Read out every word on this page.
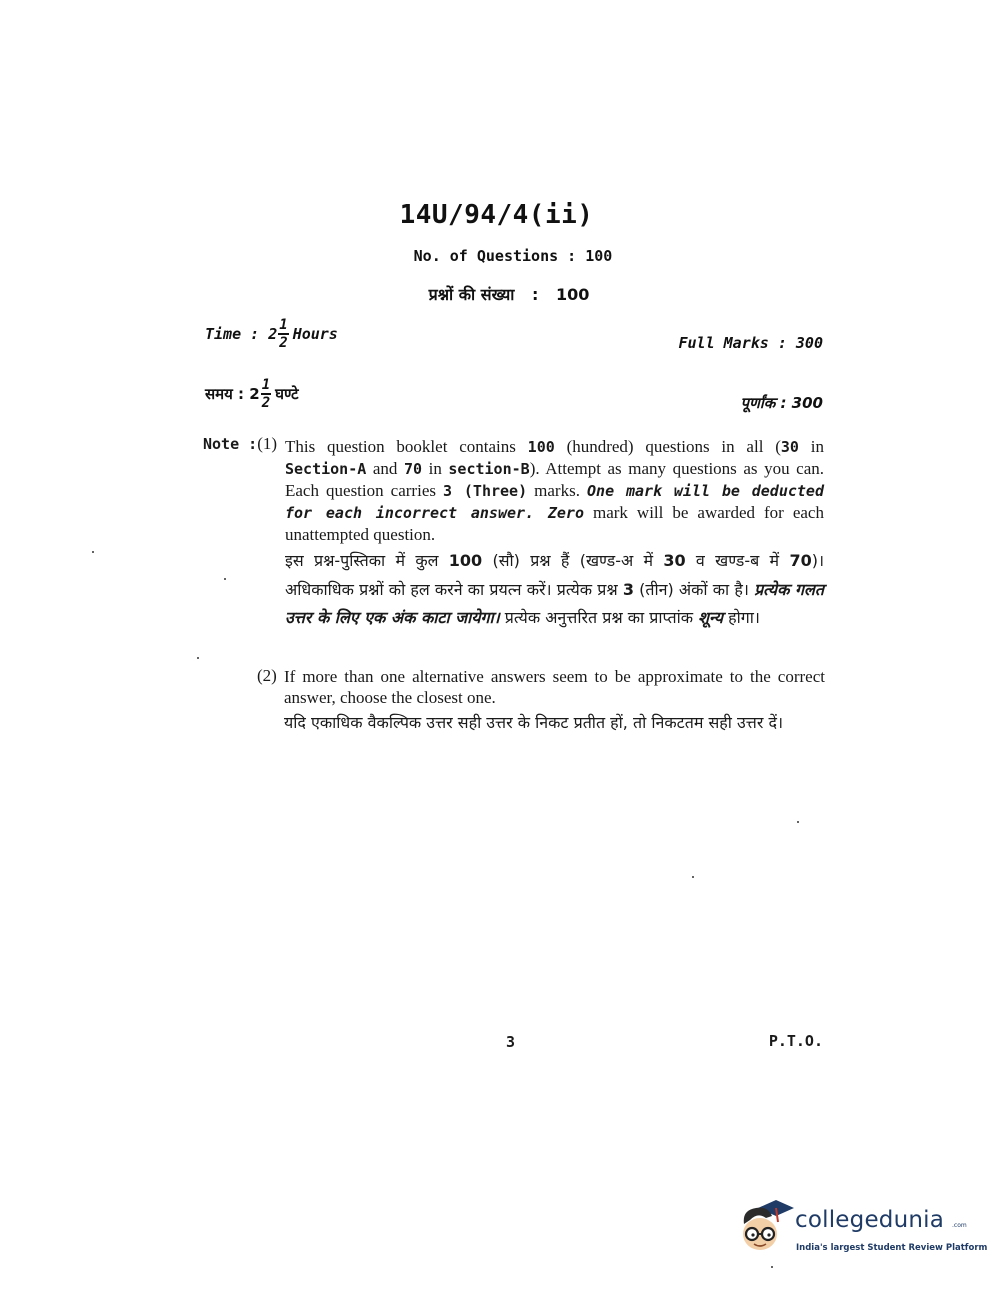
14U/94/4(ii)
No. of Questions : 100
प्रश्नों की संख्या : 100
Time : $2 \frac{1}{2}$ Hours	Full Marks : 300
समय : $2 \frac{1}{2}$ घण्टे	पूर्णांक : 300
Note :(1) This question booklet contains 100 (hundred) questions in all (30 in Section-A and 70 in section-B). Attempt as many questions as you can. Each question carries 3 (Three) marks. One mark will be deducted for each incorrect answer. Zero mark will be awarded for each unattempted question.
इस प्रश्न-पुस्तिका में कुल 100 (सौ) प्रश्न हैं (खण्ड-अ में 30 व खण्ड-ब में 70)। अधिकाधिक प्रश्नों को हल करने का प्रयत्न करें। प्रत्येक प्रश्न 3 (तीन) अंकों का है। प्रत्येक गलत उत्तर के लिए एक अंक काटा जायेगा। प्रत्येक अनुत्तरित प्रश्न का प्राप्तांक शून्य होगा।
(2) If more than one alternative answers seem to be approximate to the correct answer, choose the closest one.
यदि एकाधिक वैकल्पिक उत्तर सही उत्तर के निकट प्रतीत हों, तो निकटतम सही उत्तर दें।
3	P.T.O.
collegedunia .com
India's largest Student Review Platform
